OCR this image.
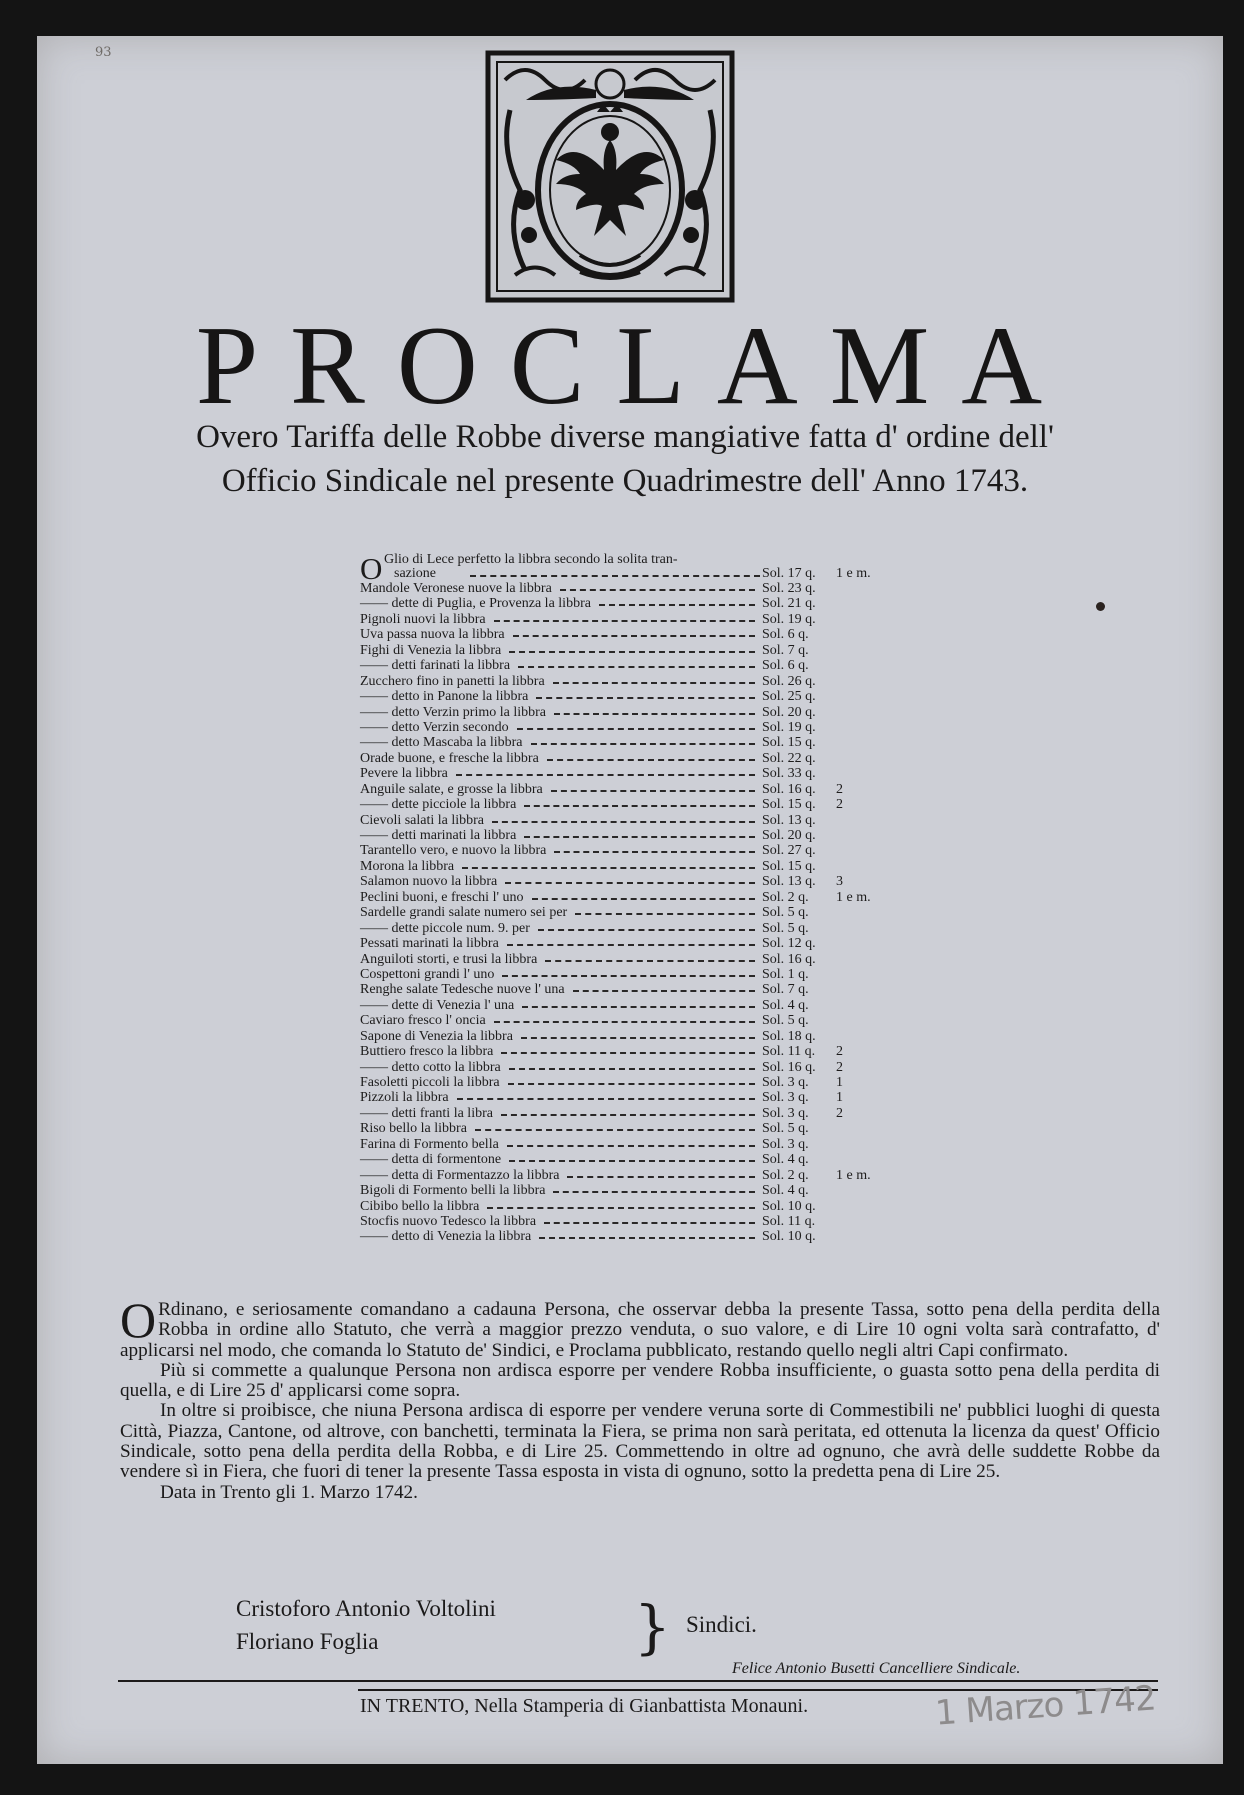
93
PROCLAMA
Overo Tariffa delle Robbe diverse mangiative fatta d' ordine dell'
Officio Sindicale nel presente Quadrimestre dell' Anno 1743.
O Glio di Lece perfetto la libbra secondo la solita tran-
sazione	Sol. 17 q. 1 e m.
Mandole Veronese nuove la libbra	Sol. 23 q.
—— dette di Puglia, e Provenza la libbra	Sol. 21 q.
Pignoli nuovi la libbra	Sol. 19 q.
Uva passa nuova la libbra	Sol. 6 q.
Fighi di Venezia la libbra	Sol. 7 q.
—— detti farinati la libbra	Sol. 6 q.
Zucchero fino in panetti la libbra	Sol. 26 q.
—— detto in Panone la libbra	Sol. 25 q.
—— detto Verzin primo la libbra	Sol. 20 q.
—— detto Verzin secondo	Sol. 19 q.
—— detto Mascaba la libbra	Sol. 15 q.
Orade buone, e fresche la libbra	Sol. 22 q.
Pevere la libbra	Sol. 33 q.
Anguile salate, e grosse la libbra	Sol. 16 q. 2
—— dette picciole la libbra	Sol. 15 q. 2
Cievoli salati la libbra	Sol. 13 q.
—— detti marinati la libbra	Sol. 20 q.
Tarantello vero, e nuovo la libbra	Sol. 27 q.
Morona la libbra	Sol. 15 q.
Salamon nuovo la libbra	Sol. 13 q. 3
Peclini buoni, e freschi l' uno	Sol. 2 q. 1 e m.
Sardelle grandi salate numero sei per	Sol. 5 q.
—— dette piccole num. 9. per	Sol. 5 q.
Pessati marinati la libbra	Sol. 12 q.
Anguiloti storti, e trusi la libbra	Sol. 16 q.
Cospettoni grandi l' uno	Sol. 1 q.
Renghe salate Tedesche nuove l' una	Sol. 7 q.
—— dette di Venezia l' una	Sol. 4 q.
Caviaro fresco l' oncia	Sol. 5 q.
Sapone di Venezia la libbra	Sol. 18 q.
Buttiero fresco la libbra	Sol. 11 q. 2
—— detto cotto la libbra	Sol. 16 q. 2
Fasoletti piccoli la libbra	Sol. 3 q. 1
Pizzoli la libbra	Sol. 3 q. 1
—— detti franti la libra	Sol. 3 q. 2
Riso bello la libbra	Sol. 5 q.
Farina di Formento bella	Sol. 3 q.
—— detta di formentone	Sol. 4 q.
—— detta di Formentazzo la libbra	Sol. 2 q. 1 e m.
Bigoli di Formento belli la libbra	Sol. 4 q.
Cibibo bello la libbra	Sol. 10 q.
Stocfis nuovo Tedesco la libbra	Sol. 11 q.
—— detto di Venezia la libbra	Sol. 10 q.

O Rdinano, e seriosamente comandano a cadauna Persona, che osservar debba la presente Tassa, sotto pena della perdita della Robba in ordine allo Statuto, che verrà a maggior prezzo venduta, o suo valore, e di Lire 10 ogni volta sarà contrafatto, d' applicarsi nel modo, che comanda lo Statuto de' Sindici, e Proclama pubblicato, restando quello negli altri Capi confirmato.

Più si commette a qualunque Persona non ardisca esporre per vendere Robba insufficiente, o guasta sotto pena della perdita di quella, e di Lire 25 d' applicarsi come sopra.

In oltre si proibisce, che niuna Persona ardisca di esporre per vendere veruna sorte di Commestibili ne' pubblici luoghi di questa Città, Piazza, Cantone, od altrove, con banchetti, terminata la Fiera, se prima non sarà peritata, ed ottenuta la licenza da quest' Officio Sindicale, sotto pena della perdita della Robba, e di Lire 25. Commettendo in oltre ad ognuno, che avrà delle suddette Robbe da vendere sì in Fiera, che fuori di tener la presente Tassa esposta in vista di ognuno, sotto la predetta pena di Lire 25.

Data in Trento gli 1. Marzo 1742.

Cristoforo Antonio Voltolini
Floriano Foglia	} Sindici.
Felice Antonio Busetti Cancelliere Sindicale.
IN TRENTO, Nella Stamperia di Gianbattista Monauni.	1 Marzo 1742
